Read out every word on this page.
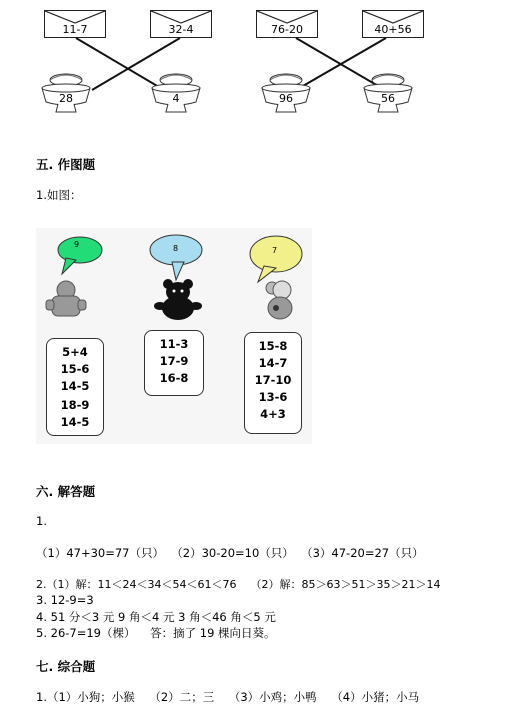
11-7	32-4
28	4
76-20	40+56
96	56
五. 作图题
1.如图：
9	8	7
5+4
15-6
14-5
18-9
14-5
11-3
17-9
16-8
15-8
14-7
17-10
13-6
4+3
六. 解答题
1.
（1）47+30=77（只）  （2）30-20=10（只）  （3）47-20=27（只）
2.（1）解：11＜24＜34＜54＜61＜76    （2）解：85＞63＞51＞35＞21＞14
3. 12-9=3
4. 51 分＜3 元 9 角＜4 元 3 角＜46 角＜5 元
5. 26-7=19（棵）    答：摘了 19 棵向日葵。
七. 综合题
1.（1）小狗；小猴    （2）二；三    （3）小鸡；小鸭    （4）小猪；小马
